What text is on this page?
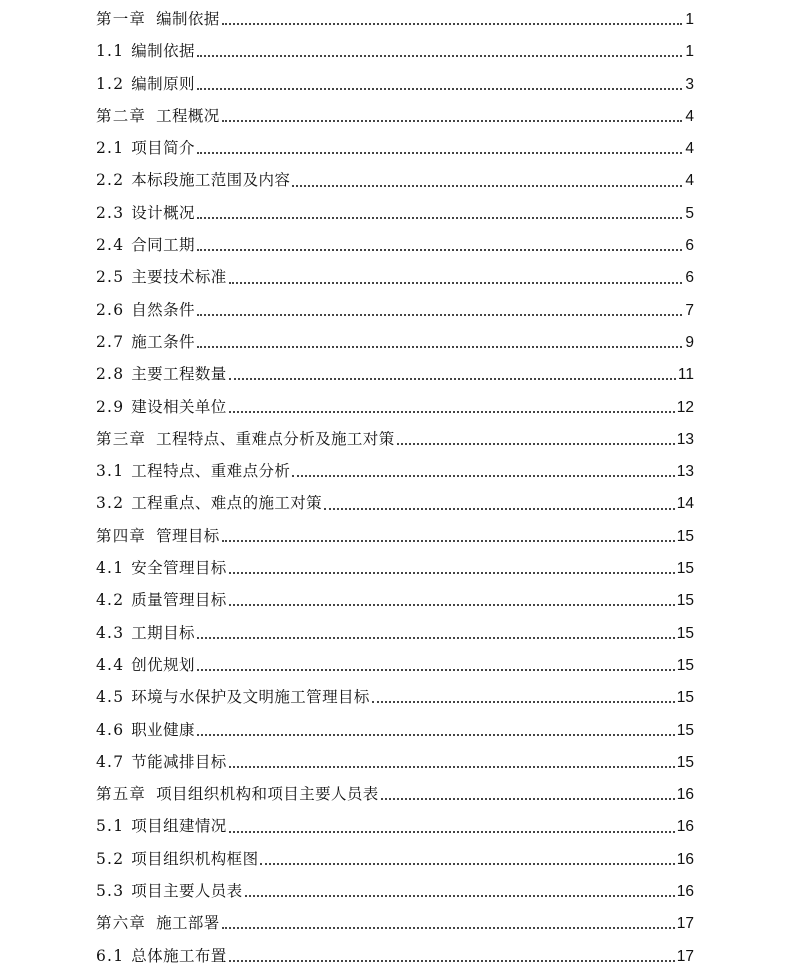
第一章 编制依据	1
1.1 编制依据	1
1.2 编制原则	3
第二章 工程概况	4
2.1 项目简介	4
2.2 本标段施工范围及内容	4
2.3 设计概况	5
2.4 合同工期	6
2.5 主要技术标准	6
2.6 自然条件	7
2.7 施工条件	9
2.8 主要工程数量	11
2.9 建设相关单位	12
第三章 工程特点、重难点分析及施工对策	13
3.1 工程特点、重难点分析	13
3.2 工程重点、难点的施工对策	14
第四章 管理目标	15
4.1 安全管理目标	15
4.2 质量管理目标	15
4.3 工期目标	15
4.4 创优规划	15
4.5 环境与水保护及文明施工管理目标	15
4.6 职业健康	15
4.7 节能减排目标	15
第五章 项目组织机构和项目主要人员表	16
5.1 项目组建情况	16
5.2 项目组织机构框图	16
5.3 项目主要人员表	16
第六章 施工部署	17
6.1 总体施工布置	17
